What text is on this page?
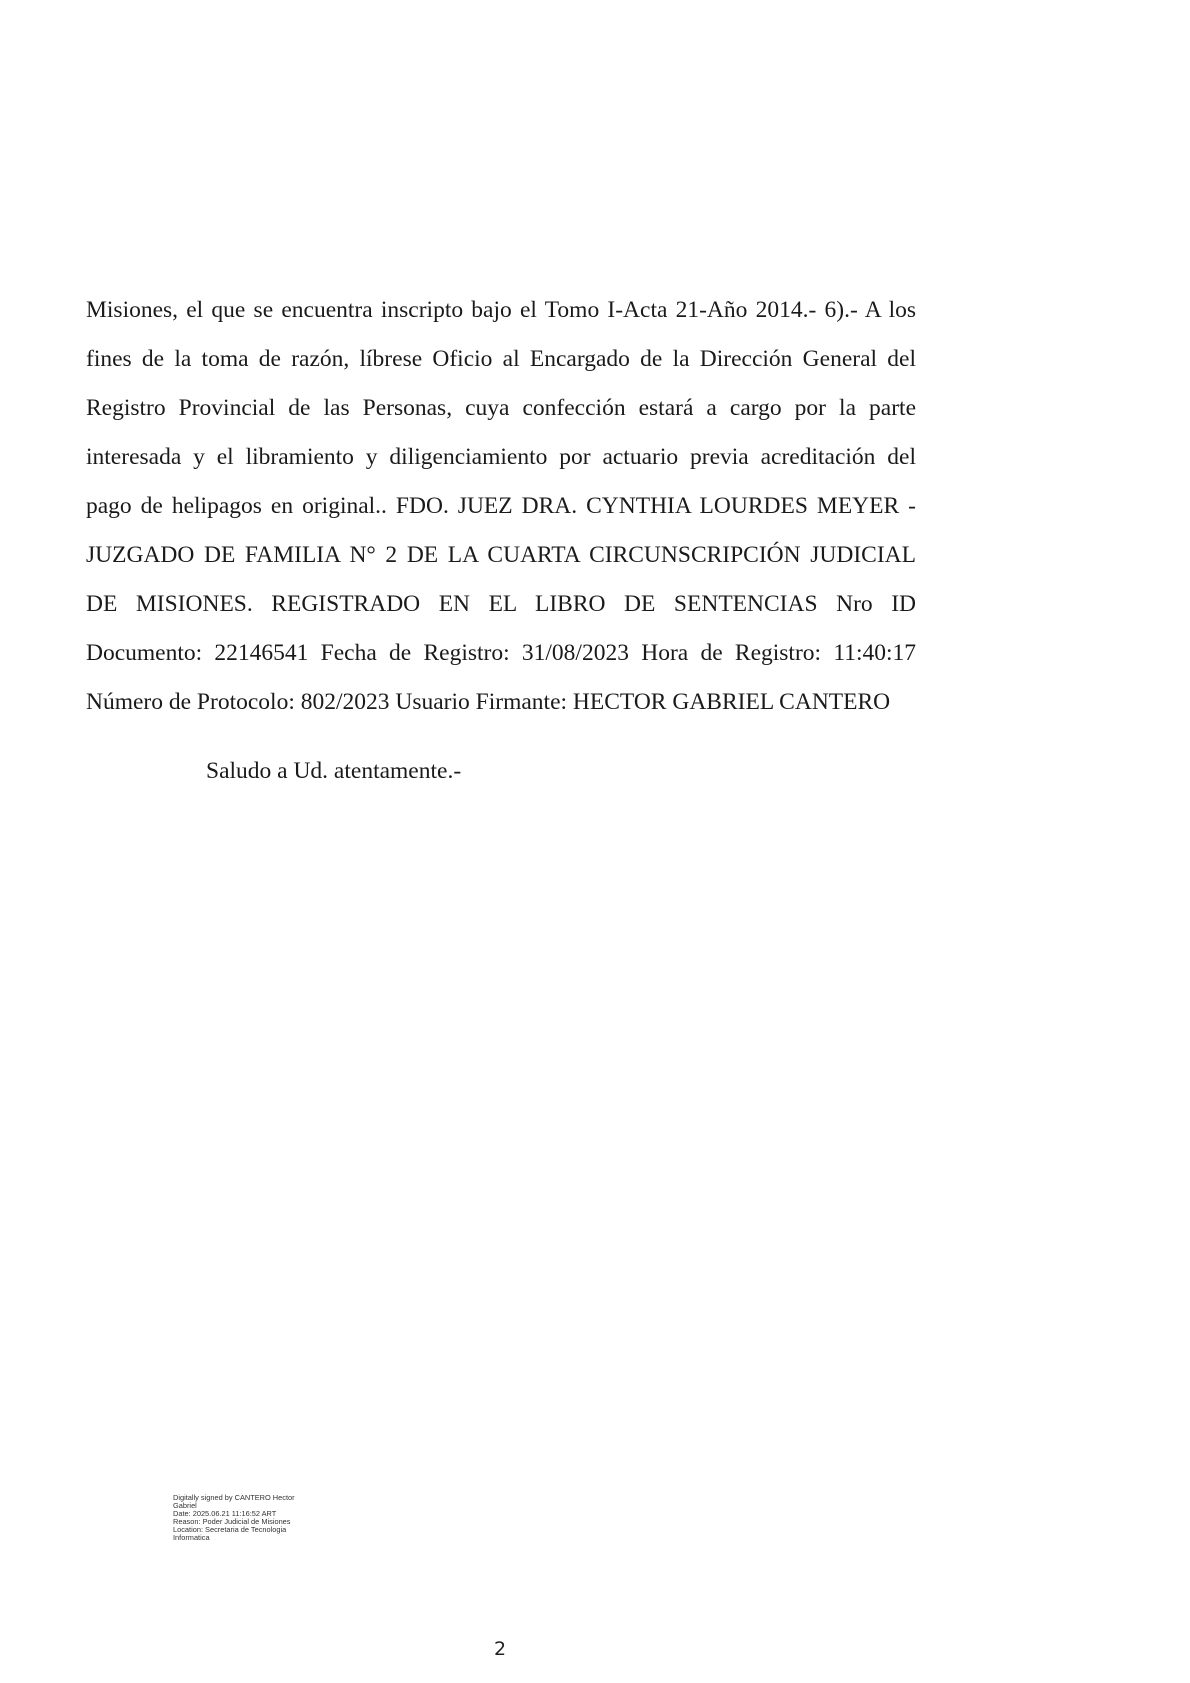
Misiones, el que se encuentra inscripto bajo el Tomo I-Acta 21-Año 2014.- 6).- A los
fines de la toma de razón, líbrese Oficio al Encargado de la Dirección General del
Registro Provincial de las Personas, cuya confección estará a cargo por la parte
interesada y el libramiento y diligenciamiento por actuario previa acreditación del
pago de helipagos en original.. FDO. JUEZ DRA. CYNTHIA LOURDES MEYER -
JUZGADO DE FAMILIA N° 2 DE LA CUARTA CIRCUNSCRIPCIÓN JUDICIAL
DE MISIONES. REGISTRADO EN EL LIBRO DE SENTENCIAS Nro ID
Documento: 22146541 Fecha de Registro: 31/08/2023 Hora de Registro: 11:40:17
Número de Protocolo: 802/2023 Usuario Firmante: HECTOR GABRIEL CANTERO
Saludo a Ud. atentamente.-
Digitally signed by CANTERO Hector
Gabriel
Date: 2025.06.21 11:16:52 ART
Reason: Poder Judicial de Misiones
Location: Secretaria de Tecnologia
Informatica
2
